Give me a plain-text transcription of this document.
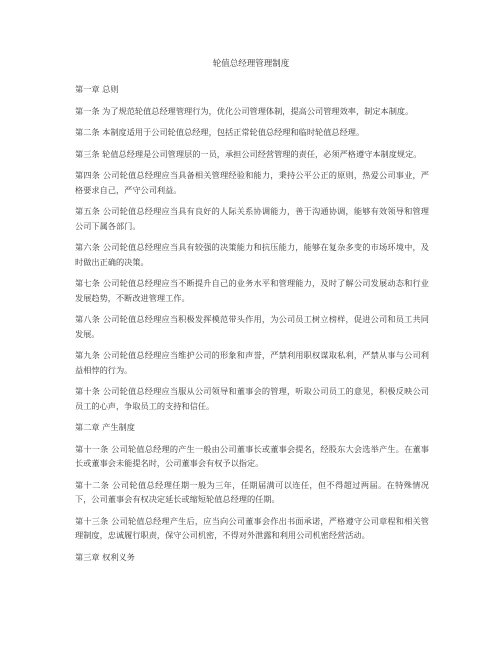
轮值总经理管理制度
第一章 总则
第一条 为了规范轮值总经理管理行为，优化公司管理体制，提高公司管理效率，制定本制度。
第二条 本制度适用于公司轮值总经理，包括正常轮值总经理和临时轮值总经理。
第三条 轮值总经理是公司管理层的一员，承担公司经营管理的责任，必须严格遵守本制度规定。
第四条 公司轮值总经理应当具备相关管理经验和能力，秉持公平公正的原则，热爱公司事业，严格要求自己，严守公司利益。
第五条 公司轮值总经理应当具有良好的人际关系协调能力，善于沟通协调，能够有效领导和管理公司下属各部门。
第六条 公司轮值总经理应当具有较强的决策能力和抗压能力，能够在复杂多变的市场环境中，及时做出正确的决策。
第七条 公司轮值总经理应当不断提升自己的业务水平和管理能力，及时了解公司发展动态和行业发展趋势，不断改进管理工作。
第八条 公司轮值总经理应当积极发挥模范带头作用，为公司员工树立榜样，促进公司和员工共同发展。
第九条 公司轮值总经理应当维护公司的形象和声誉，严禁利用职权谋取私利，严禁从事与公司利益相悖的行为。
第十条 公司轮值总经理应当服从公司领导和董事会的管理，听取公司员工的意见，积极反映公司员工的心声，争取员工的支持和信任。
第二章 产生制度
第十一条 公司轮值总经理的产生一般由公司董事长或董事会提名，经股东大会选举产生。在董事长或董事会未能提名时，公司董事会有权予以指定。
第十二条 公司轮值总经理任期一般为三年，任期届满可以连任，但不得超过两届。在特殊情况下，公司董事会有权决定延长或缩短轮值总经理的任期。
第十三条 公司轮值总经理产生后，应当向公司董事会作出书面承诺，严格遵守公司章程和相关管理制度，忠诚履行职责，保守公司机密，不得对外泄露和利用公司机密经营活动。
第三章 权利义务
